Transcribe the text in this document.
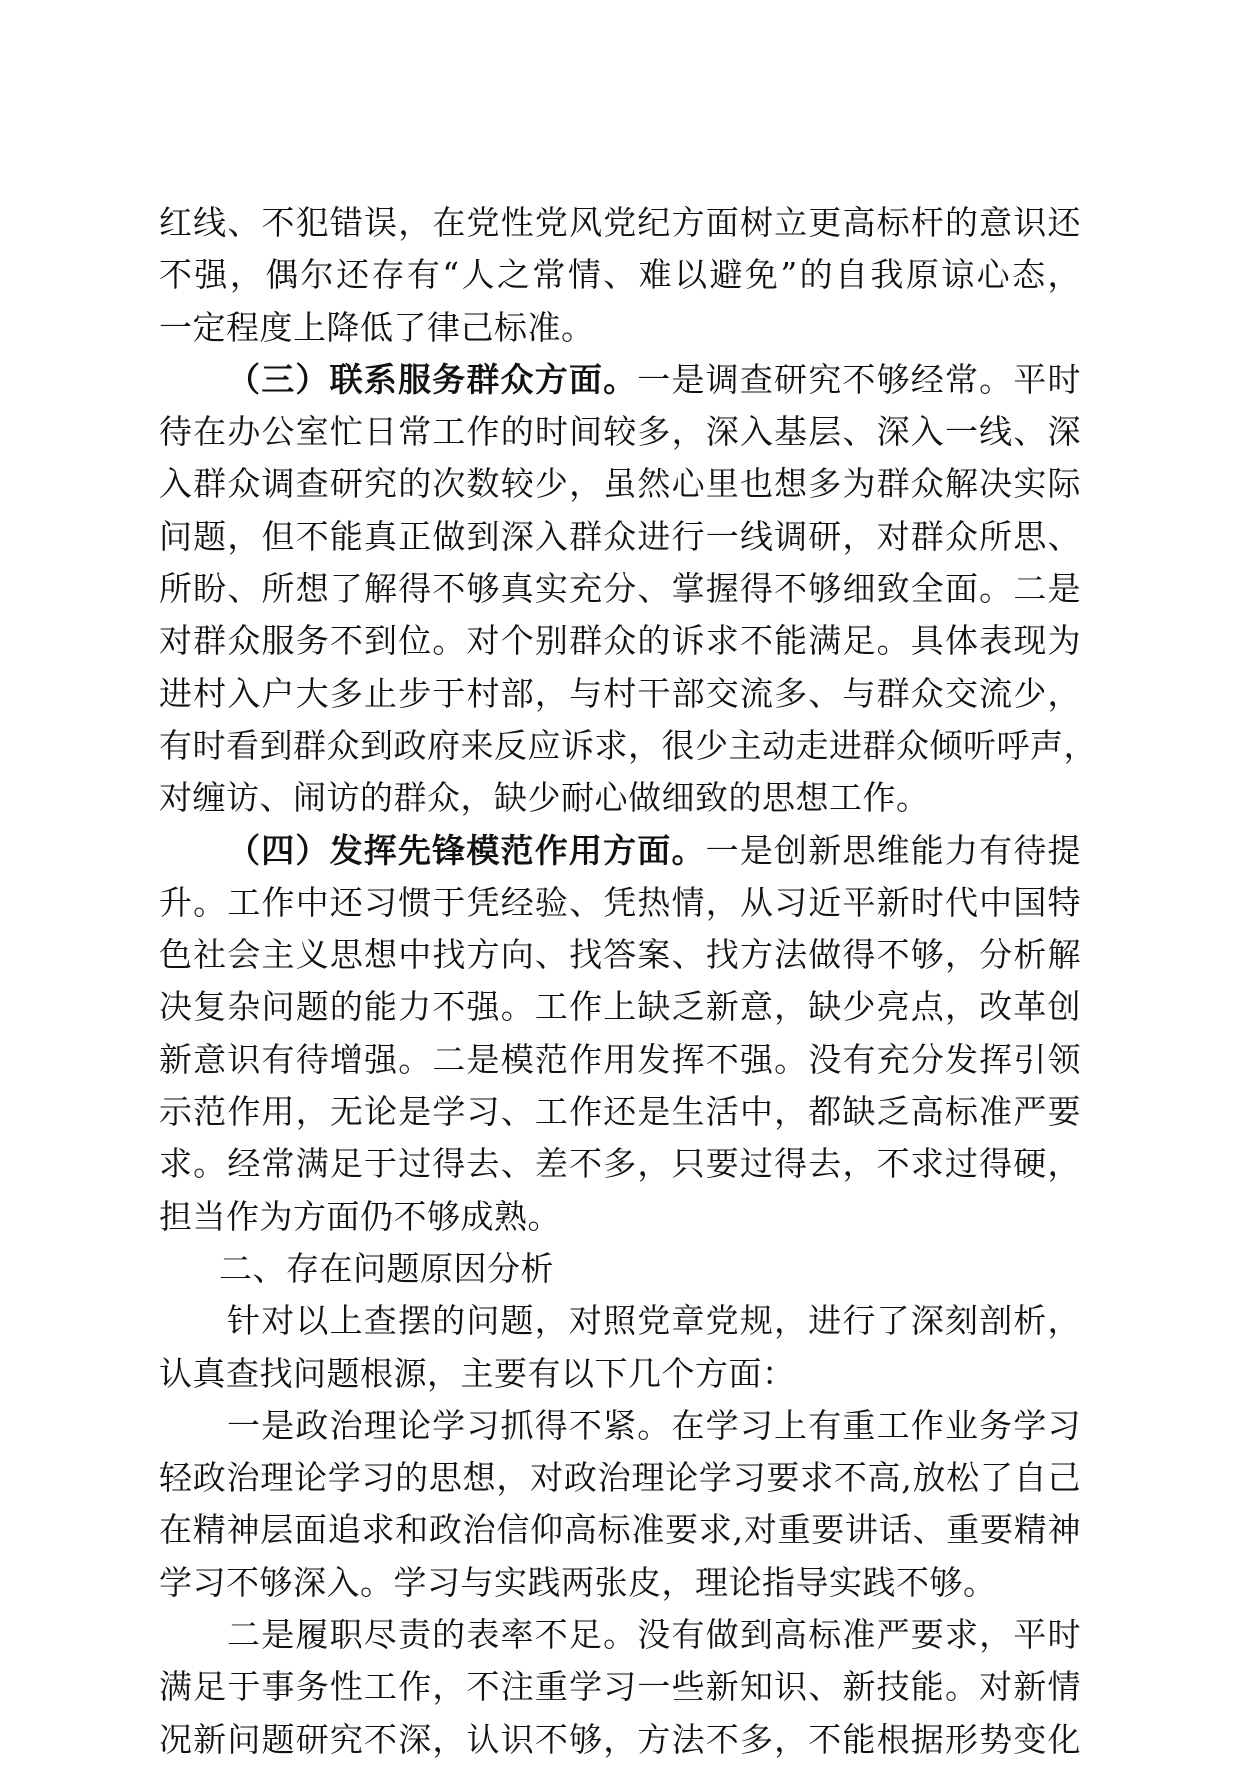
红线、不犯错误，在党性党风党纪方面树立更高标杆的意识还
不强，偶尔还存有“人之常情、难以避免”的自我原谅心态，
一定程度上降低了律己标准。
（三）联系服务群众方面。一是调查研究不够经常。平时
待在办公室忙日常工作的时间较多，深入基层、深入一线、深
入群众调查研究的次数较少，虽然心里也想多为群众解决实际
问题，但不能真正做到深入群众进行一线调研，对群众所思、
所盼、所想了解得不够真实充分、掌握得不够细致全面。二是
对群众服务不到位。对个别群众的诉求不能满足。具体表现为
进村入户大多止步于村部，与村干部交流多、与群众交流少，
有时看到群众到政府来反应诉求，很少主动走进群众倾听呼声，
对缠访、闹访的群众，缺少耐心做细致的思想工作。
（四）发挥先锋模范作用方面。一是创新思维能力有待提
升。工作中还习惯于凭经验、凭热情，从习近平新时代中国特
色社会主义思想中找方向、找答案、找方法做得不够，分析解
决复杂问题的能力不强。工作上缺乏新意，缺少亮点，改革创
新意识有待增强。二是模范作用发挥不强。没有充分发挥引领
示范作用，无论是学习、工作还是生活中，都缺乏高标准严要
求。经常满足于过得去、差不多，只要过得去，不求过得硬，
担当作为方面仍不够成熟。
二、存在问题原因分析
针对以上查摆的问题，对照党章党规，进行了深刻剖析，
认真查找问题根源，主要有以下几个方面：
一是政治理论学习抓得不紧。在学习上有重工作业务学习
轻政治理论学习的思想，对政治理论学习要求不高,放松了自己
在精神层面追求和政治信仰高标准要求,对重要讲话、重要精神
学习不够深入。学习与实践两张皮，理论指导实践不够。
二是履职尽责的表率不足。没有做到高标准严要求，平时
满足于事务性工作，不注重学习一些新知识、新技能。对新情
况新问题研究不深，认识不够，方法不多，不能根据形势变化
